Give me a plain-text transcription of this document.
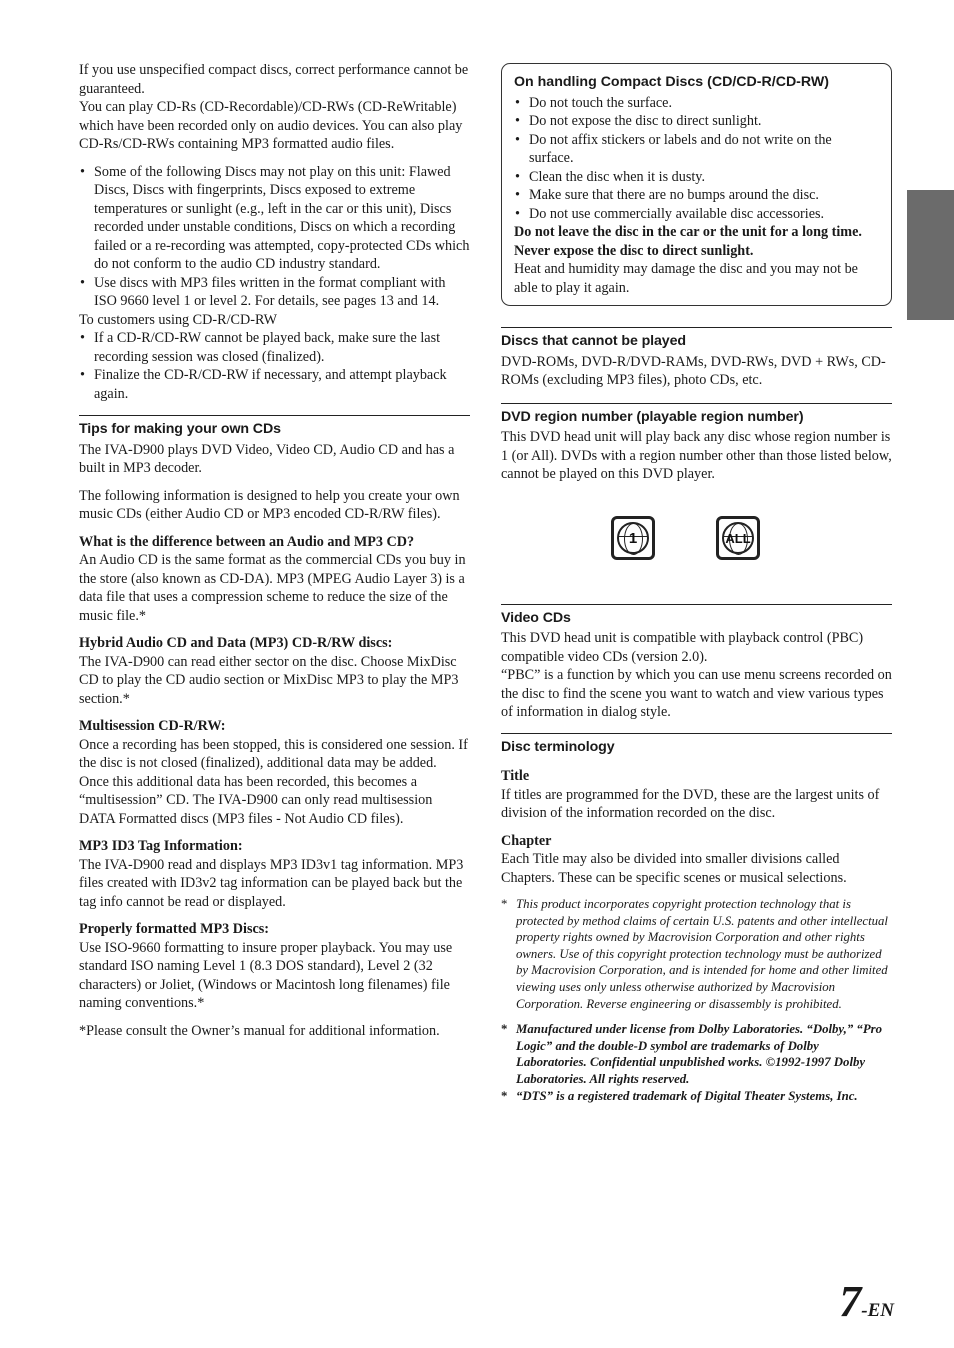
If you use unspecified compact discs, correct performance cannot be guaranteed.

You can play CD-Rs (CD-Recordable)/CD-RWs (CD-ReWritable) which have been recorded only on audio devices. You can also play CD-Rs/CD-RWs containing MP3 formatted audio files.

• Some of the following Discs may not play on this unit: Flawed Discs, Discs with fingerprints, Discs exposed to extreme temperatures or sunlight (e.g., left in the car or this unit), Discs recorded under unstable conditions, Discs on which a recording failed or a re-recording was attempted, copy-protected CDs which do not conform to the audio CD industry standard.
• Use discs with MP3 files written in the format compliant with ISO 9660 level 1 or level 2. For details, see pages 13 and 14.

To customers using CD-R/CD-RW

• If a CD-R/CD-RW cannot be played back, make sure the last recording session was closed (finalized).
• Finalize the CD-R/CD-RW if necessary, and attempt playback again.
Tips for making your own CDs

The IVA-D900 plays DVD Video, Video CD, Audio CD and has a built in MP3 decoder.

The following information is designed to help you create your own music CDs (either Audio CD or MP3 encoded CD-R/RW files).

What is the difference between an Audio and MP3 CD?

An Audio CD is the same format as the commercial CDs you buy in the store (also known as CD-DA). MP3 (MPEG Audio Layer 3) is a data file that uses a compression scheme to reduce the size of the music file.*

Hybrid Audio CD and Data (MP3) CD-R/RW discs:

The IVA-D900 can read either sector on the disc. Choose MixDisc CD to play the CD audio section or MixDisc MP3 to play the MP3 section.*

Multisession CD-R/RW:

Once a recording has been stopped, this is considered one session. If the disc is not closed (finalized), additional data may be added. Once this additional data has been recorded, this becomes a “multisession” CD. The IVA-D900 can only read multisession DATA Formatted discs (MP3 files - Not Audio CD files).

MP3 ID3 Tag Information:

The IVA-D900 read and displays MP3 ID3v1 tag information. MP3 files created with ID3v2 tag information can be played back but the tag info cannot be read or displayed.

Properly formatted MP3 Discs:

Use ISO-9660 formatting to insure proper playback. You may use standard ISO naming Level 1 (8.3 DOS standard), Level 2 (32 characters) or Joliet, (Windows or Macintosh long filenames) file naming conventions.*

*Please consult the Owner’s manual for additional information.

On handling Compact Discs (CD/CD-R/CD-RW)
• Do not touch the surface.
• Do not expose the disc to direct sunlight.
• Do not affix stickers or labels and do not write on the surface.
• Clean the disc when it is dusty.
• Make sure that there are no bumps around the disc.
• Do not use commercially available disc accessories.

Do not leave the disc in the car or the unit for a long time. Never expose the disc to direct sunlight.

Heat and humidity may damage the disc and you may not be able to play it again.

Discs that cannot be played

DVD-ROMs, DVD-R/DVD-RAMs, DVD-RWs, DVD + RWs, CD-ROMs (excluding MP3 files), photo CDs, etc.

DVD region number (playable region number)

This DVD head unit will play back any disc whose region number is 1 (or All). DVDs with a region number other than those listed below, cannot be played on this DVD player.

1	ALL
Video CDs

This DVD head unit is compatible with playback control (PBC) compatible video CDs (version 2.0).

“PBC” is a function by which you can use menu screens recorded on the disc to find the scene you want to watch and view various types of information in dialog style.

Disc terminology

Title

If titles are programmed for the DVD, these are the largest units of division of the information recorded on the disc.

Chapter

Each Title may also be divided into smaller divisions called Chapters. These can be specific scenes or musical selections.

* This product incorporates copyright protection technology that is protected by method claims of certain U.S. patents and other intellectual property rights owned by Macrovision Corporation and other rights owners. Use of this copyright protection technology must be authorized by Macrovision Corporation, and is intended for home and other limited viewing uses only unless otherwise authorized by Macrovision Corporation. Reverse engineering or disassembly is prohibited.
* Manufactured under license from Dolby Laboratories. “Dolby,” “Pro Logic” and the double-D symbol are trademarks of Dolby Laboratories. Confidential unpublished works. ©1992-1997 Dolby Laboratories. All rights reserved.
* “DTS” is a registered trademark of Digital Theater Systems, Inc.
7-EN
